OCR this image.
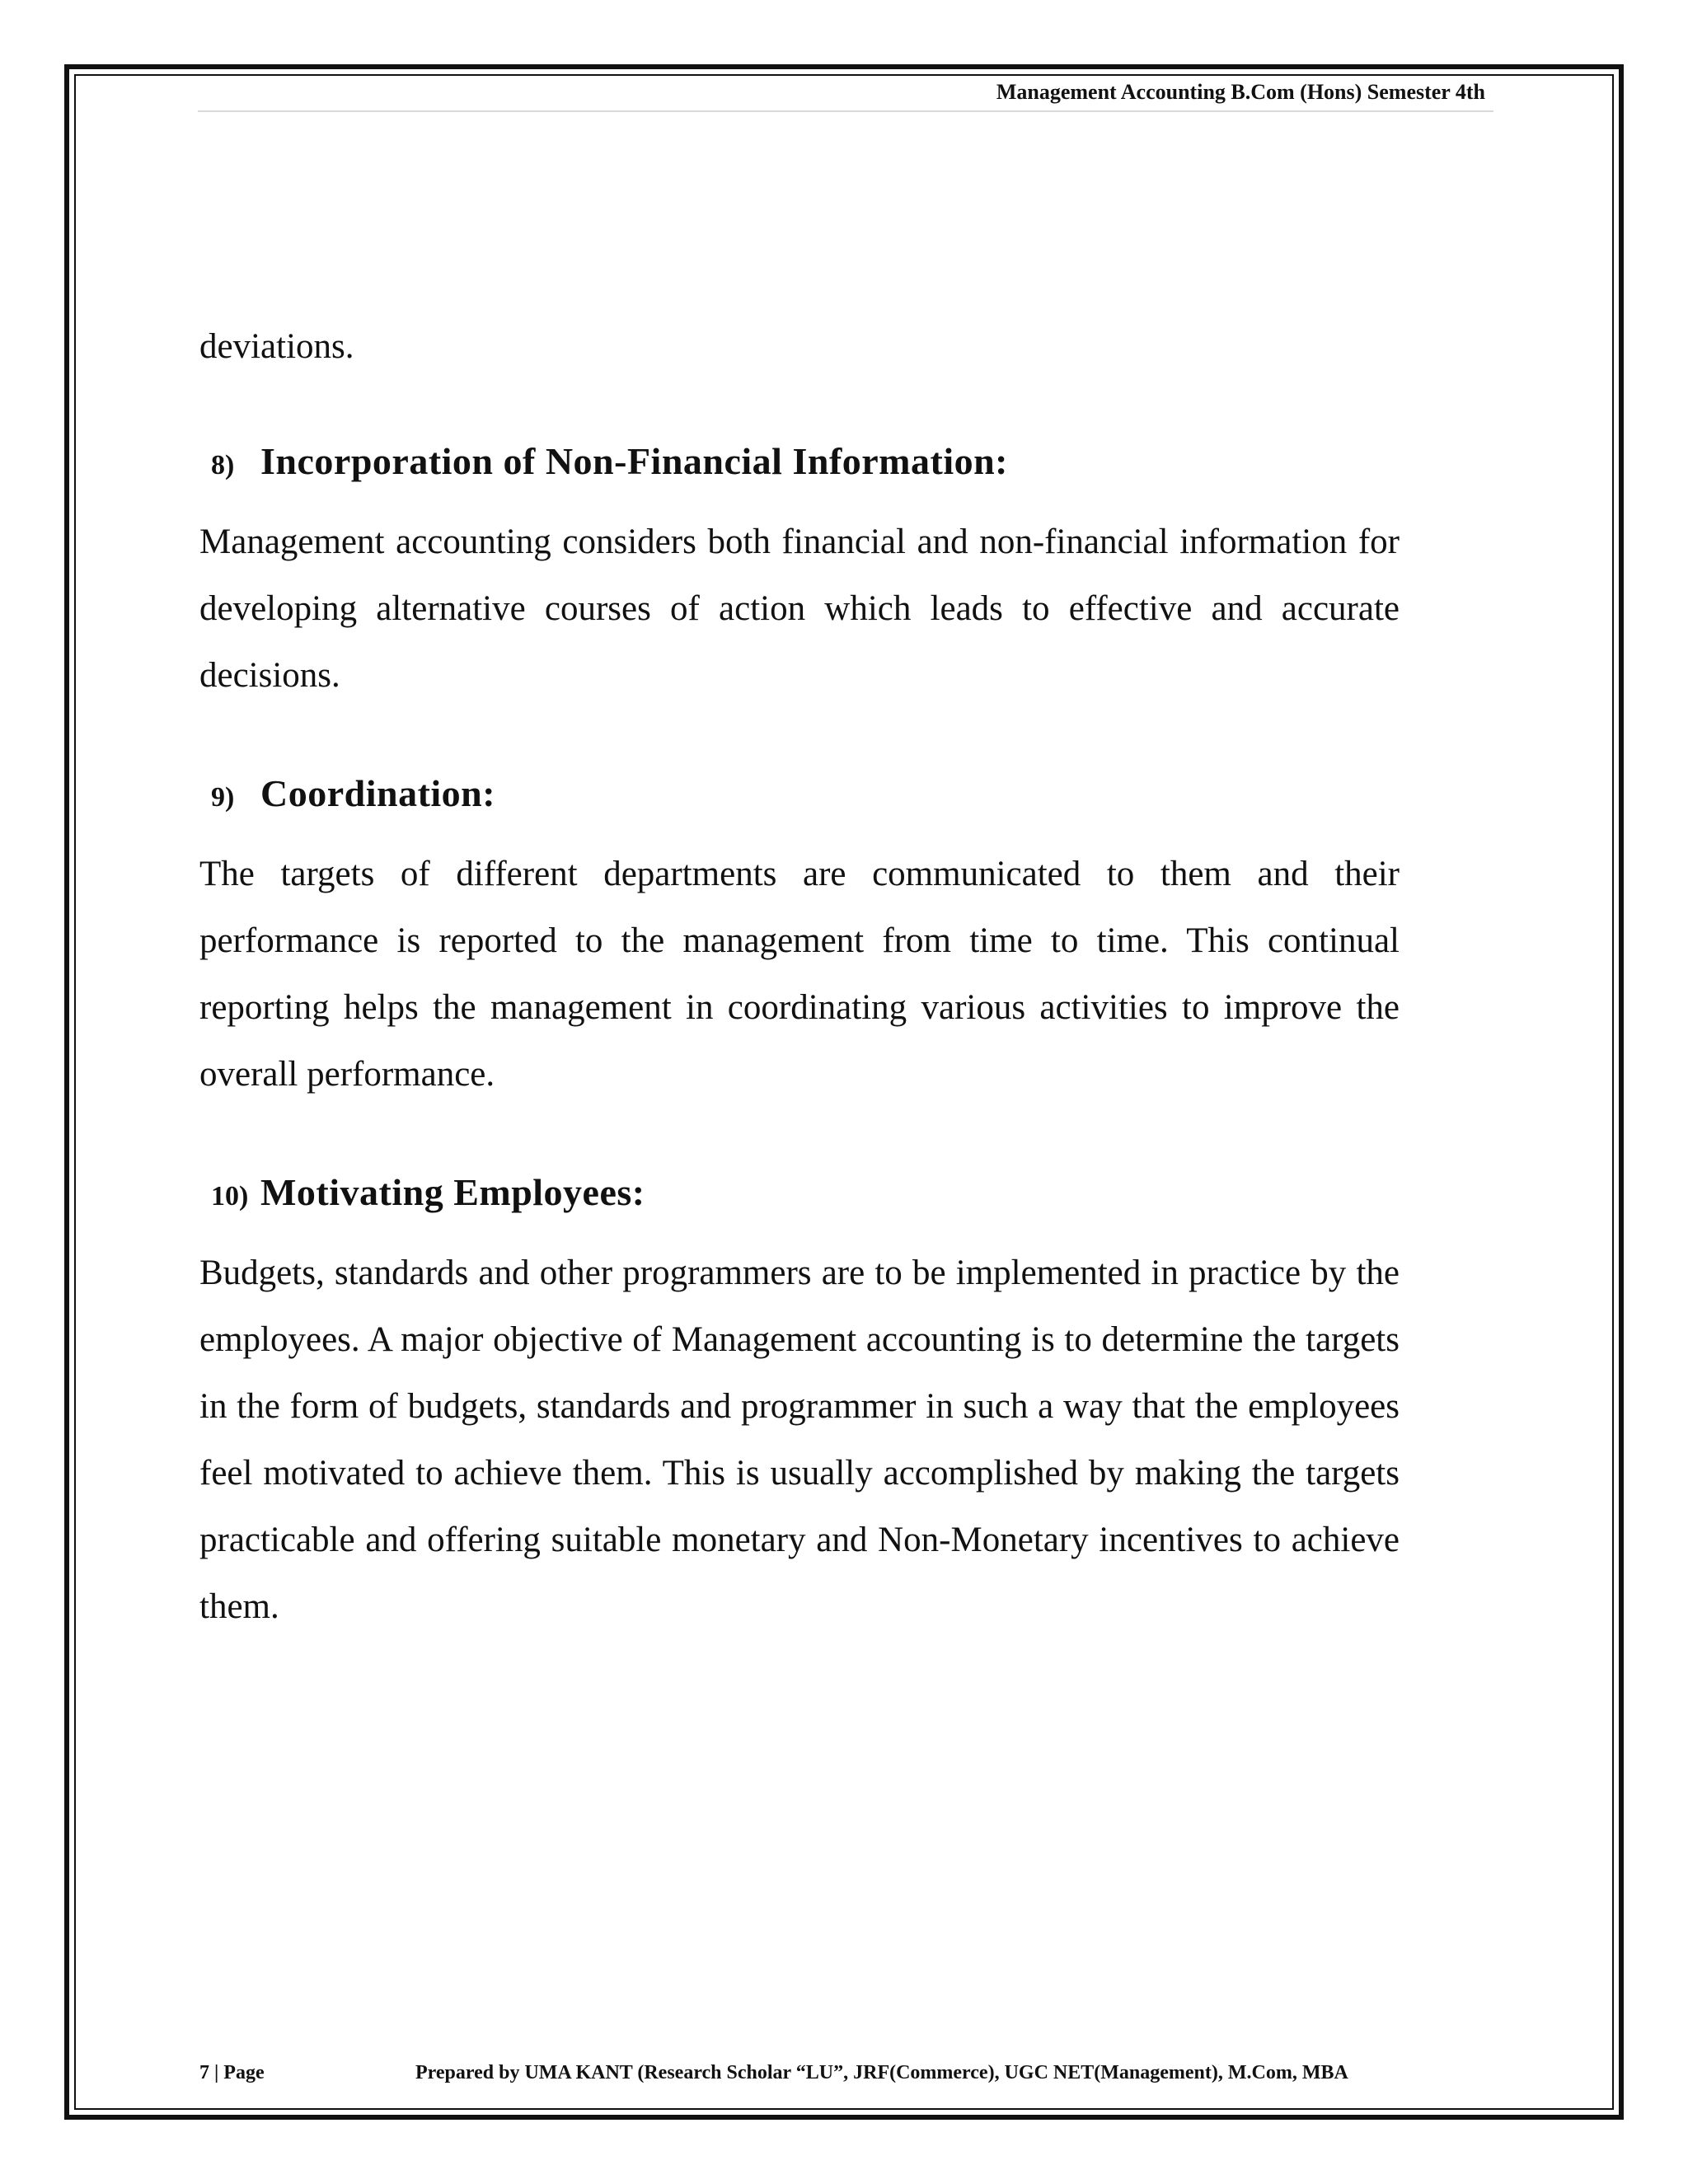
Management Accounting B.Com (Hons) Semester 4th

deviations.

8) Incorporation of Non-Financial Information:

Management accounting considers both financial and non-financial information for developing alternative courses of action which leads to effective and accurate decisions.

9) Coordination:

The targets of different departments are communicated to them and their performance is reported to the management from time to time. This continual reporting helps the management in coordinating various activities to improve the overall performance.

10) Motivating Employees:

Budgets, standards and other programmers are to be implemented in practice by the employees. A major objective of Management accounting is to determine the targets in the form of budgets, standards and programmer in such a way that the employees feel motivated to achieve them. This is usually accomplished by making the targets practicable and offering suitable monetary and Non-Monetary incentives to achieve them.

7 | Page	Prepared by UMA KANT (Research Scholar “LU”, JRF(Commerce), UGC NET(Management), M.Com, MBA
